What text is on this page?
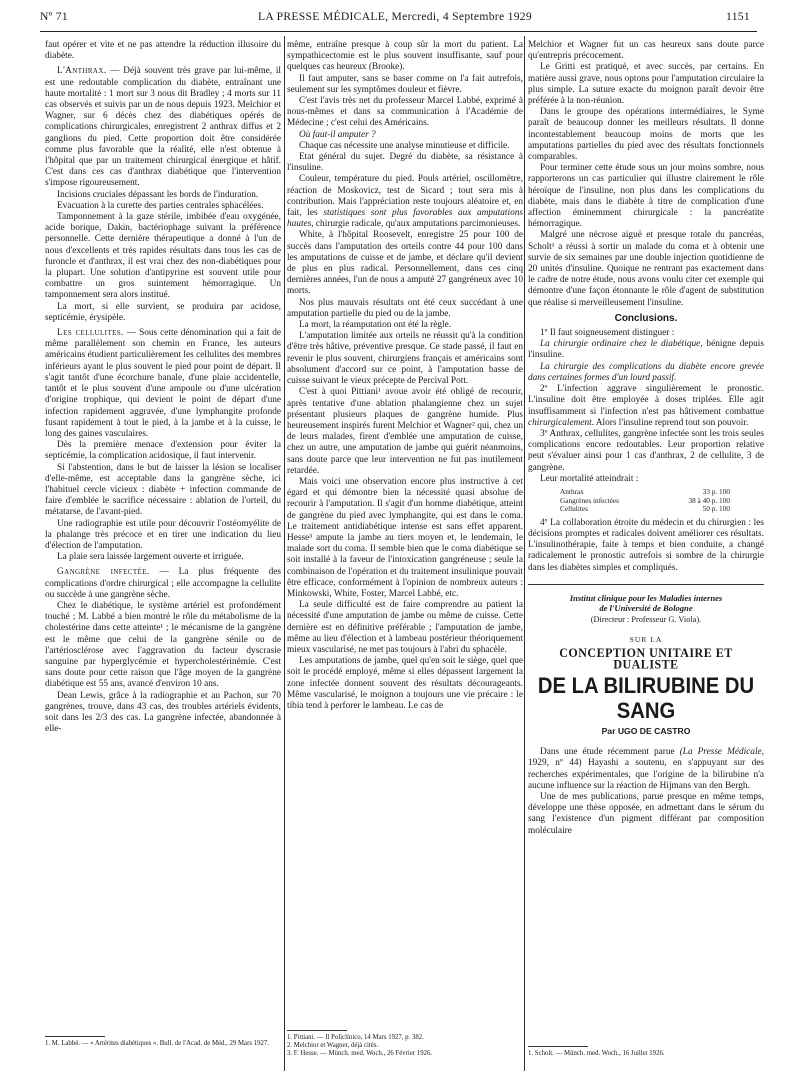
Nº 71	LA PRESSE MÉDICALE, Mercredi, 4 Septembre 1929	1151

faut opérer et vite et ne pas attendre la réduction illusoire du diabète.

L'Anthrax. — Déjà souvent très grave par lui-même, il est une redoutable complication du diabète, entraînant une haute mortalité : 1 mort sur 3 nous dit Bradley ; 4 morts sur 11 cas observés et suivis par un de nous depuis 1923. Melchior et Wagner, sur 6 décès chez des diabétiques opérés de complications chirurgicales, enregistrent 2 anthrax diffus et 2 ganglions du pied. Cette proportion doit être considérée comme plus favorable que la réalité, elle n'est obtenue à l'hôpital que par un traitement chirurgical énergique et hâtif. C'est dans ces cas d'anthrax diabétique que l'intervention s'impose rigoureusement.

Incisions cruciales dépassant les bords de l'induration.

Evacuation à la curette des parties centrales sphacélées.

Tamponnement à la gaze stérile, imbibée d'eau oxygénée, acide borique, Dakin, bactériophage suivant la préférence personnelle. Cette dernière thérapeutique a donné à l'un de nous d'excellents et très rapides résultats dans tous les cas de furoncle et d'anthrax, il est vrai chez des non-diabétiques pour la plupart. Une solution d'antipyrine est souvent utile pour combattre un gros suintement hémorragique. Un tamponnement sera alors institué.

La mort, si elle survient, se produira par acidose, septicémie, érysipèle.

Les cellulites. — Sous cette dénomination qui a fait de même parallèlement son chemin en France, les auteurs américains étudient particulièrement les cellulites des membres inférieurs ayant le plus souvent le pied pour point de départ. Il s'agit tantôt d'une écorchure banale, d'une plaie accidentelle, tantôt et le plus souvent d'une ampoule ou d'une ulcération d'origine trophique, qui devient le point de départ d'une infection rapidement aggravée, d'une lymphangite profonde fusant rapidement à tout le pied, à la jambe et à la cuisse, le long des gaines vasculaires.

Dès la première menace d'extension pour éviter la septicémie, la complication acidosique, il faut intervenir.

Si l'abstention, dans le but de laisser la lésion se localiser d'elle-même, est acceptable dans la gangrène sèche, ici l'habituel cercle vicieux : diabète + infection commande de faire d'emblée le sacrifice nécessaire : ablation de l'orteil, du métatarse, de l'avant-pied.

Une radiographie est utile pour découvrir l'ostéomyélite de la phalange très précoce et en tirer une indication du lieu d'élection de l'amputation.

La plaie sera laissée largement ouverte et irriguée.

Gangrène infectée. — La plus fréquente des complications d'ordre chirurgical ; elle accompagne la cellulite ou succède à une gangrène sèche.

Chez le diabétique, le système artériel est profondément touché ; M. Labbé a bien montré le rôle du métabolisme de la cholestérine dans cette atteinte¹ ; le mécanisme de la gangrène est le même que celui de la gangrène sénile ou de l'artériosclérose avec l'aggravation du facteur dyscrasie sanguine par hyperglycémie et hypercholestérinémie. C'est sans doute pour cette raison que l'âge moyen de la gangrène diabétique est 55 ans, avancé d'environ 10 ans.

Dean Lewis, grâce à la radiographie et au Pachon, sur 70 gangrènes, trouve, dans 43 cas, des troubles artériels évidents, soit dans les 2/3 des cas. La gangrène infectée, abandonnée à elle-

1. M. Labbé. — « Artérites diabétiques ». Bull. de l'Acad. de Méd., 29 Mars 1927.

même, entraîne presque à coup sûr la mort du patient. La sympathicectomie est le plus souvent insuffisante, sauf pour quelques cas heureux (Brooke).

Il faut amputer, sans se baser comme on l'a fait autrefois, seulement sur les symptômes douleur et fièvre.

C'est l'avis très net du professeur Marcel Labbé, exprimé à nous-mêmes et dans sa communication à l'Académie de Médecine ; c'est celui des Américains.

Où faut-il amputer ?

Chaque cas nécessite une analyse minutieuse et difficile.

Etat général du sujet. Degré du diabète, sa résistance à l'insuline.

Couleur, température du pied. Pouls artériel, oscillomètre, réaction de Moskovicz, test de Sicard ; tout sera mis à contribution. Mais l'appréciation reste toujours aléatoire et, en fait, les statistiques sont plus favorables aux amputations hautes, chirurgie radicale, qu'aux amputations parcimonieuses.

White, à l'hôpital Roosevelt, enregistre 25 pour 100 de succès dans l'amputation des orteils contre 44 pour 100 dans les amputations de cuisse et de jambe, et déclare qu'il devient de plus en plus radical. Personnellement, dans ces cinq dernières années, l'un de nous a amputé 27 gangréneux avec 10 morts.

Nos plus mauvais résultats ont été ceux succédant à une amputation partielle du pied ou de la jambe.

La mort, la réamputation ont été la règle.

L'amputation limitée aux orteils ne réussit qu'à la condition d'être très hâtive, préventive presque. Ce stade passé, il faut en revenir le plus souvent, chirurgiens français et américains sont absolument d'accord sur ce point, à l'amputation basse de cuisse suivant le vieux précepte de Percival Pott.

C'est à quoi Pittiani¹ avoue avoir été obligé de recourir, après tentative d'une ablation phalangienne chez un sujet présentant plusieurs plaques de gangrène humide. Plus heureusement inspirés furent Melchior et Wagner² qui, chez un de leurs malades, firent d'emblée une amputation de cuisse, chez un autre, une amputation de jambe qui guérit néanmoins, sans doute parce que leur intervention ne fut pas inutilement retardée.

Mais voici une observation encore plus instructive à cet égard et qui démontre bien la nécessité quasi absolue de recourir à l'amputation. Il s'agit d'un homme diabétique, atteint de gangrène du pied avec lymphangite, qui est dans le coma. Le traitement antidiabétique intense est sans effet apparent. Hesse³ ampute la jambe au tiers moyen et, le lendemain, le malade sort du coma. Il semble bien que le coma diabétique se soit installé à la faveur de l'intoxication gangréneuse ; seule la combinaison de l'opération et du traitement insulinique pouvait être efficace, conformément à l'opinion de nombreux auteurs : Minkowski, White, Foster, Marcel Labbé, etc.

La seule difficulté est de faire comprendre au patient la nécessité d'une amputation de jambe ou même de cuisse. Cette dernière est en définitive préférable ; l'amputation de jambe, même au lieu d'élection et à lambeau postérieur théoriquement mieux vascularisé, ne met pas toujours à l'abri du sphacèle.

Les amputations de jambe, quel qu'en soit le siège, quel que soit le procédé employé, même si elles dépassent largement la zone infectée donnent souvent des résultats décourageants. Même vascularisé, le moignon a toujours une vie précaire : le tibia tend à perforer le lambeau. Le cas de

1. Pittiani. — Il Policlinico, 14 Mars 1927, p. 382.
2. Melchior et Wagner, déjà cités.
3. F. Hesse. — Münch. med. Woch., 26 Février 1926.

Melchior et Wagner fut un cas heureux sans doute parce qu'entrepris précocement.

Le Gritti est pratiqué, et avec succès, par certains. En matière aussi grave, nous optons pour l'amputation circulaire la plus simple. La suture exacte du moignon paraît devoir être préférée à la non-réunion.

Dans le groupe des opérations intermédiaires, le Syme paraît de beaucoup donner les meilleurs résultats. Il donne incontestablement beaucoup moins de morts que les amputations partielles du pied avec des résultats fonctionnels comparables.

Pour terminer cette étude sous un jour moins sombre, nous rapporterons un cas particulier qui illustre clairement le rôle héroïque de l'insuline, non plus dans les complications du diabète, mais dans le diabète à titre de complication d'une affection éminemment chirurgicale : la pancréatite hémorragique.

Malgré une nécrose aiguë et presque totale du pancréas, Scholt¹ a réussi à sortir un malade du coma et à obtenir une survie de six semaines par une double injection quotidienne de 20 unités d'insuline. Quoique ne rentrant pas exactement dans le cadre de notre étude, nous avons voulu citer cet exemple qui démontre d'une façon étonnante le rôle d'agent de substitution que réalise si merveilleusement l'insuline.

Conclusions.

1º Il faut soigneusement distinguer :

La chirurgie ordinaire chez le diabétique, bénigne depuis l'insuline.

La chirurgie des complications du diabète encore grevée dans certaines formes d'un lourd passif.

2º L'infection aggrave singulièrement le pronostic. L'insuline doit être employée à doses triplées. Elle agit insuffisamment si l'infection n'est pas hâtivement combattue chirurgicalement. Alors l'insuline reprend tout son pouvoir.

3º Anthrax, cellulites, gangrène infectée sont les trois seules complications encore redoutables. Leur proportion relative peut s'évaluer ainsi pour 1 cas d'anthrax, 2 de cellulite, 3 de gangrène.

Leur mortalité atteindrait :

Anthrax	33 p. 100
Gangrènes infectées	38 à 40 p. 100
Cellulites	50 p. 100

4º La collaboration étroite du médecin et du chirurgien : les décisions promptes et radicales doivent améliorer ces résultats. L'insulinothérapie, faite à temps et bien conduite, a changé radicalement le pronostic autrefois si sombre de la chirurgie dans les diabètes simples et compliqués.

Institut clinique pour les Maladies internes
de l'Université de Bologne
(Directeur : Professeur G. Viola).
SUR LA
CONCEPTION UNITAIRE ET DUALISTE
DE LA BILIRUBINE DU SANG
Par UGO DE CASTRO

Dans une étude récemment parue (La Presse Médicale, 1929, nº 44) Hayashi a soutenu, en s'appuyant sur des recherches expérimentales, que l'origine de la bilirubine n'a aucune influence sur la réaction de Hijmans van den Bergh.

Une de mes publications, parue presque en même temps, développe une thèse opposée, en admettant dans le sérum du sang l'existence d'un pigment différant par composition moléculaire

1. Scholt. — Münch. med. Woch., 16 Juillet 1926.
